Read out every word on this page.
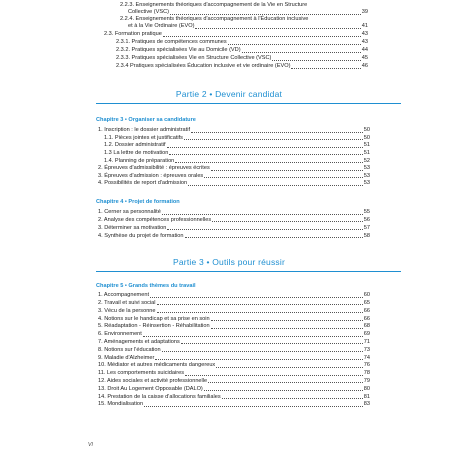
2.2.3. Enseignements théoriques d'accompagnement de la Vie en Structure
Collective (VSC)	39
2.2.4. Enseignements théoriques d'accompagnement à l'Éducation inclusive
et à la Vie Ordinaire (EVO)	41
2.3. Formation pratique	43
2.3.1. Pratiques de compétences communes	43
2.3.2. Pratiques spécialisées Vie au Domicile (VD)	44
2.3.3. Pratiques spécialisées Vie en Structure Collective (VSC)	45
2.3.4 Pratiques spécialisées Éducation inclusive et vie ordinaire (EVO)	46
Partie 2 • Devenir candidat
Chapitre 3 • Organiser sa candidature
1. Inscription : le dossier administratif	50
1.1. Pièces jointes et justificatifs	50
1.2. Dossier administratif	51
1.3 La lettre de motivation	51
1.4. Planning de préparation	52
2. Épreuves d'admissibilité : épreuves écrites	53
3. Épreuves d'admission : épreuves orales	53
4. Possibilités de report d'admission	53
Chapitre 4 • Projet de formation
1. Cerner sa personnalité	55
2. Analyse des compétences professionnelles	56
3. Déterminer sa motivation	57
4. Synthèse du projet de formation	58
Partie 3 • Outils pour réussir
Chapitre 5 • Grands thèmes du travail
1. Accompagnement	60
2. Travail et suivi social	65
3. Vécu de la personne	66
4. Notions sur le handicap et sa prise en soin	66
5. Réadaptation - Réinsertion - Réhabilitation	68
6. Environnement	69
7. Aménagements et adaptations	71
8. Notions sur l'éducation	73
9. Maladie d'Alzheimer	74
10. Médiator et autres médicaments dangereux	76
11. Les comportements suicidaires	78
12. Aides sociales et activité professionnelle	79
13. Droit Au Logement Opposable (DALO)	80
14. Prestation de la caisse d'allocations familiales	81
15. Mondialisation	83
VI
